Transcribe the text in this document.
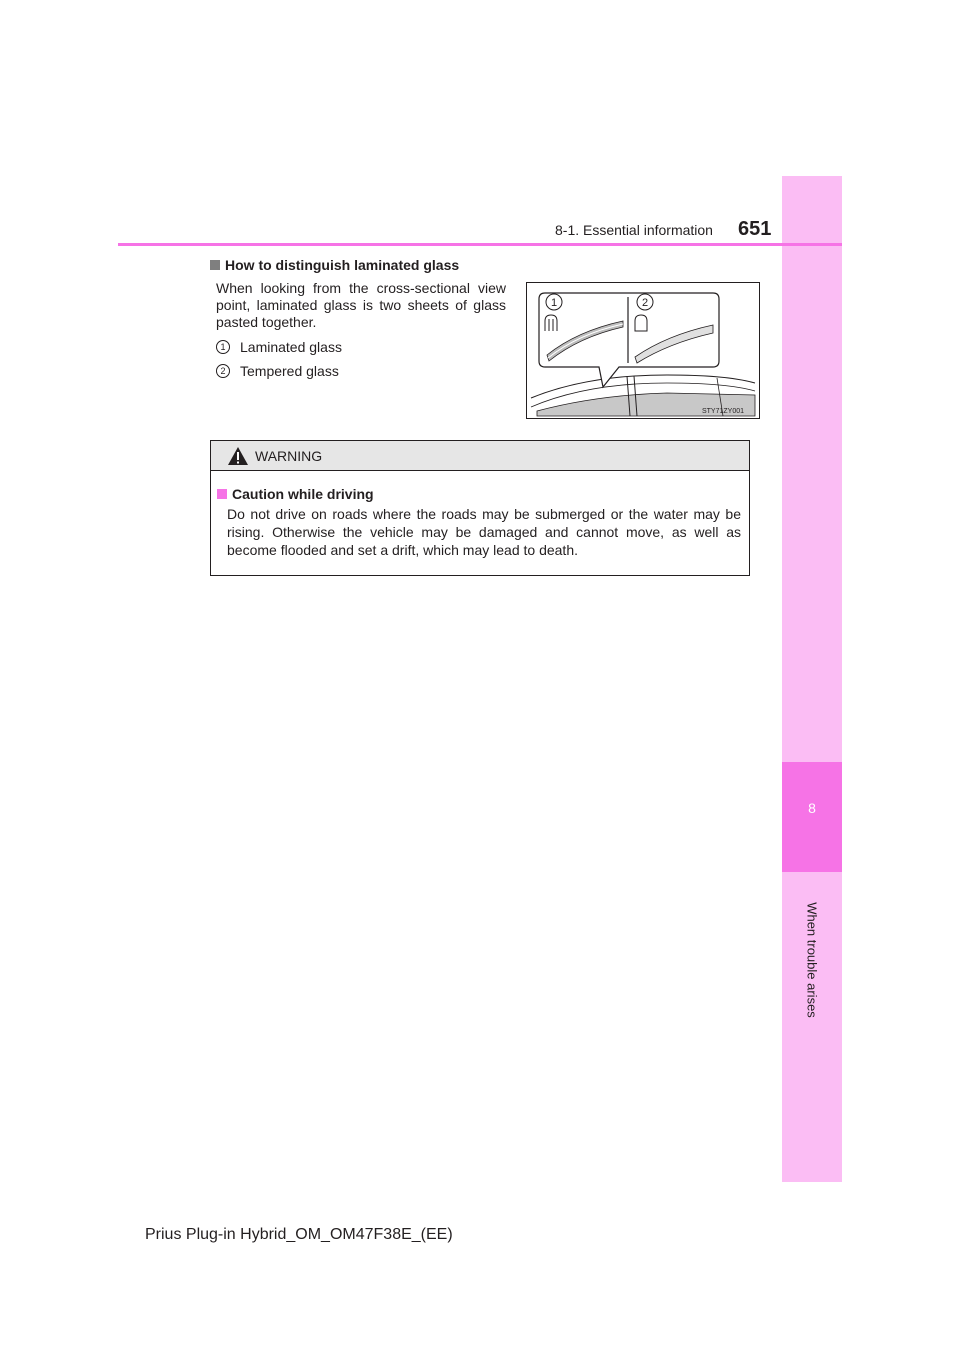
8
When trouble arises
8-1. Essential information 651
How to distinguish laminated glass
When looking from the cross-sectional view point, laminated glass is two sheets of glass pasted together.
1	Laminated glass
2	Tempered glass
1	2
STY71ZY001
WARNING
Caution while driving
Do not drive on roads where the roads may be submerged or the water may be rising. Otherwise the vehicle may be damaged and cannot move, as well as become flooded and set a drift, which may lead to death.
Prius Plug-in Hybrid_OM_OM47F38E_(EE)
